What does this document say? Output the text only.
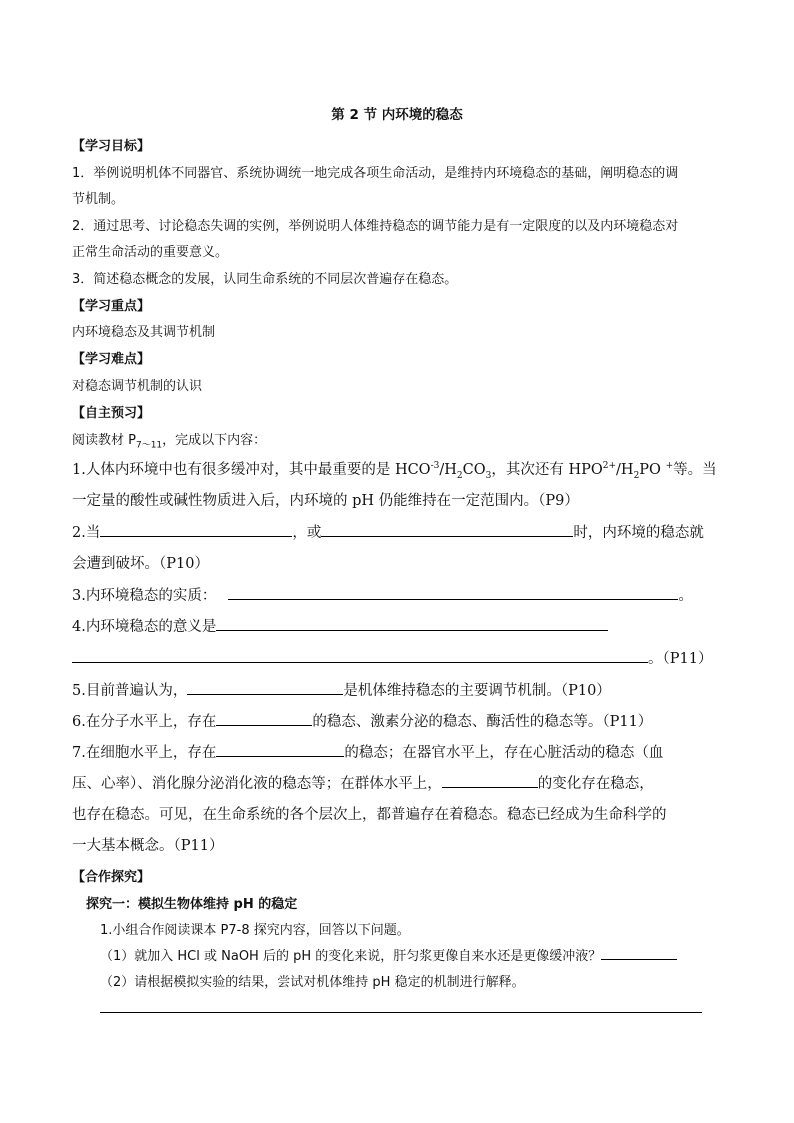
第 2 节 内环境的稳态
【学习目标】
1．举例说明机体不同器官、系统协调统一地完成各项生命活动，是维持内环境稳态的基础，阐明稳态的调
节机制。
2．通过思考、讨论稳态失调的实例，举例说明人体维持稳态的调节能力是有一定限度的以及内环境稳态对
正常生命活动的重要意义。
3．简述稳态概念的发展，认同生命系统的不同层次普遍存在稳态。
【学习重点】
内环境稳态及其调节机制
【学习难点】
对稳态调节机制的认识
【自主预习】
阅读教材 $P_{7\sim 11}$，完成以下内容：
1.人体内环境中也有很多缓冲对，其中最重要的是 $HCO^{-3}/H_2CO_3$，其次还有 $HPO^{2+}/H_2PO$ +等。当
一定量的酸性或碱性物质进入后，内环境的 pH 仍能维持在一定范围内。（P9）
2.当	，或	时，内环境的稳态就
会遭到破坏。（P10）
3.内环境稳态的实质：	。
4.内环境稳态的意义是
。（P11）
5.目前普遍认为，	是机体维持稳态的主要调节机制。（P10）
6.在分子水平上，存在	的稳态、激素分泌的稳态、酶活性的稳态等。（P11）
7.在细胞水平上，存在	的稳态；在器官水平上，存在心脏活动的稳态（血
压、心率）、消化腺分泌消化液的稳态等；在群体水平上，	的变化存在稳态，
也存在稳态。可见，在生命系统的各个层次上，都普遍存在着稳态。稳态已经成为生命科学的
一大基本概念。（P11）
【合作探究】
探究一：模拟生物体维持 pH 的稳定
1.小组合作阅读课本 P7-8 探究内容，回答以下问题。
（1）就加入 HCl 或 NaOH 后的 pH 的变化来说，肝匀浆更像自来水还是更像缓冲液？
（2）请根据模拟实验的结果，尝试对机体维持 pH 稳定的机制进行解释。
